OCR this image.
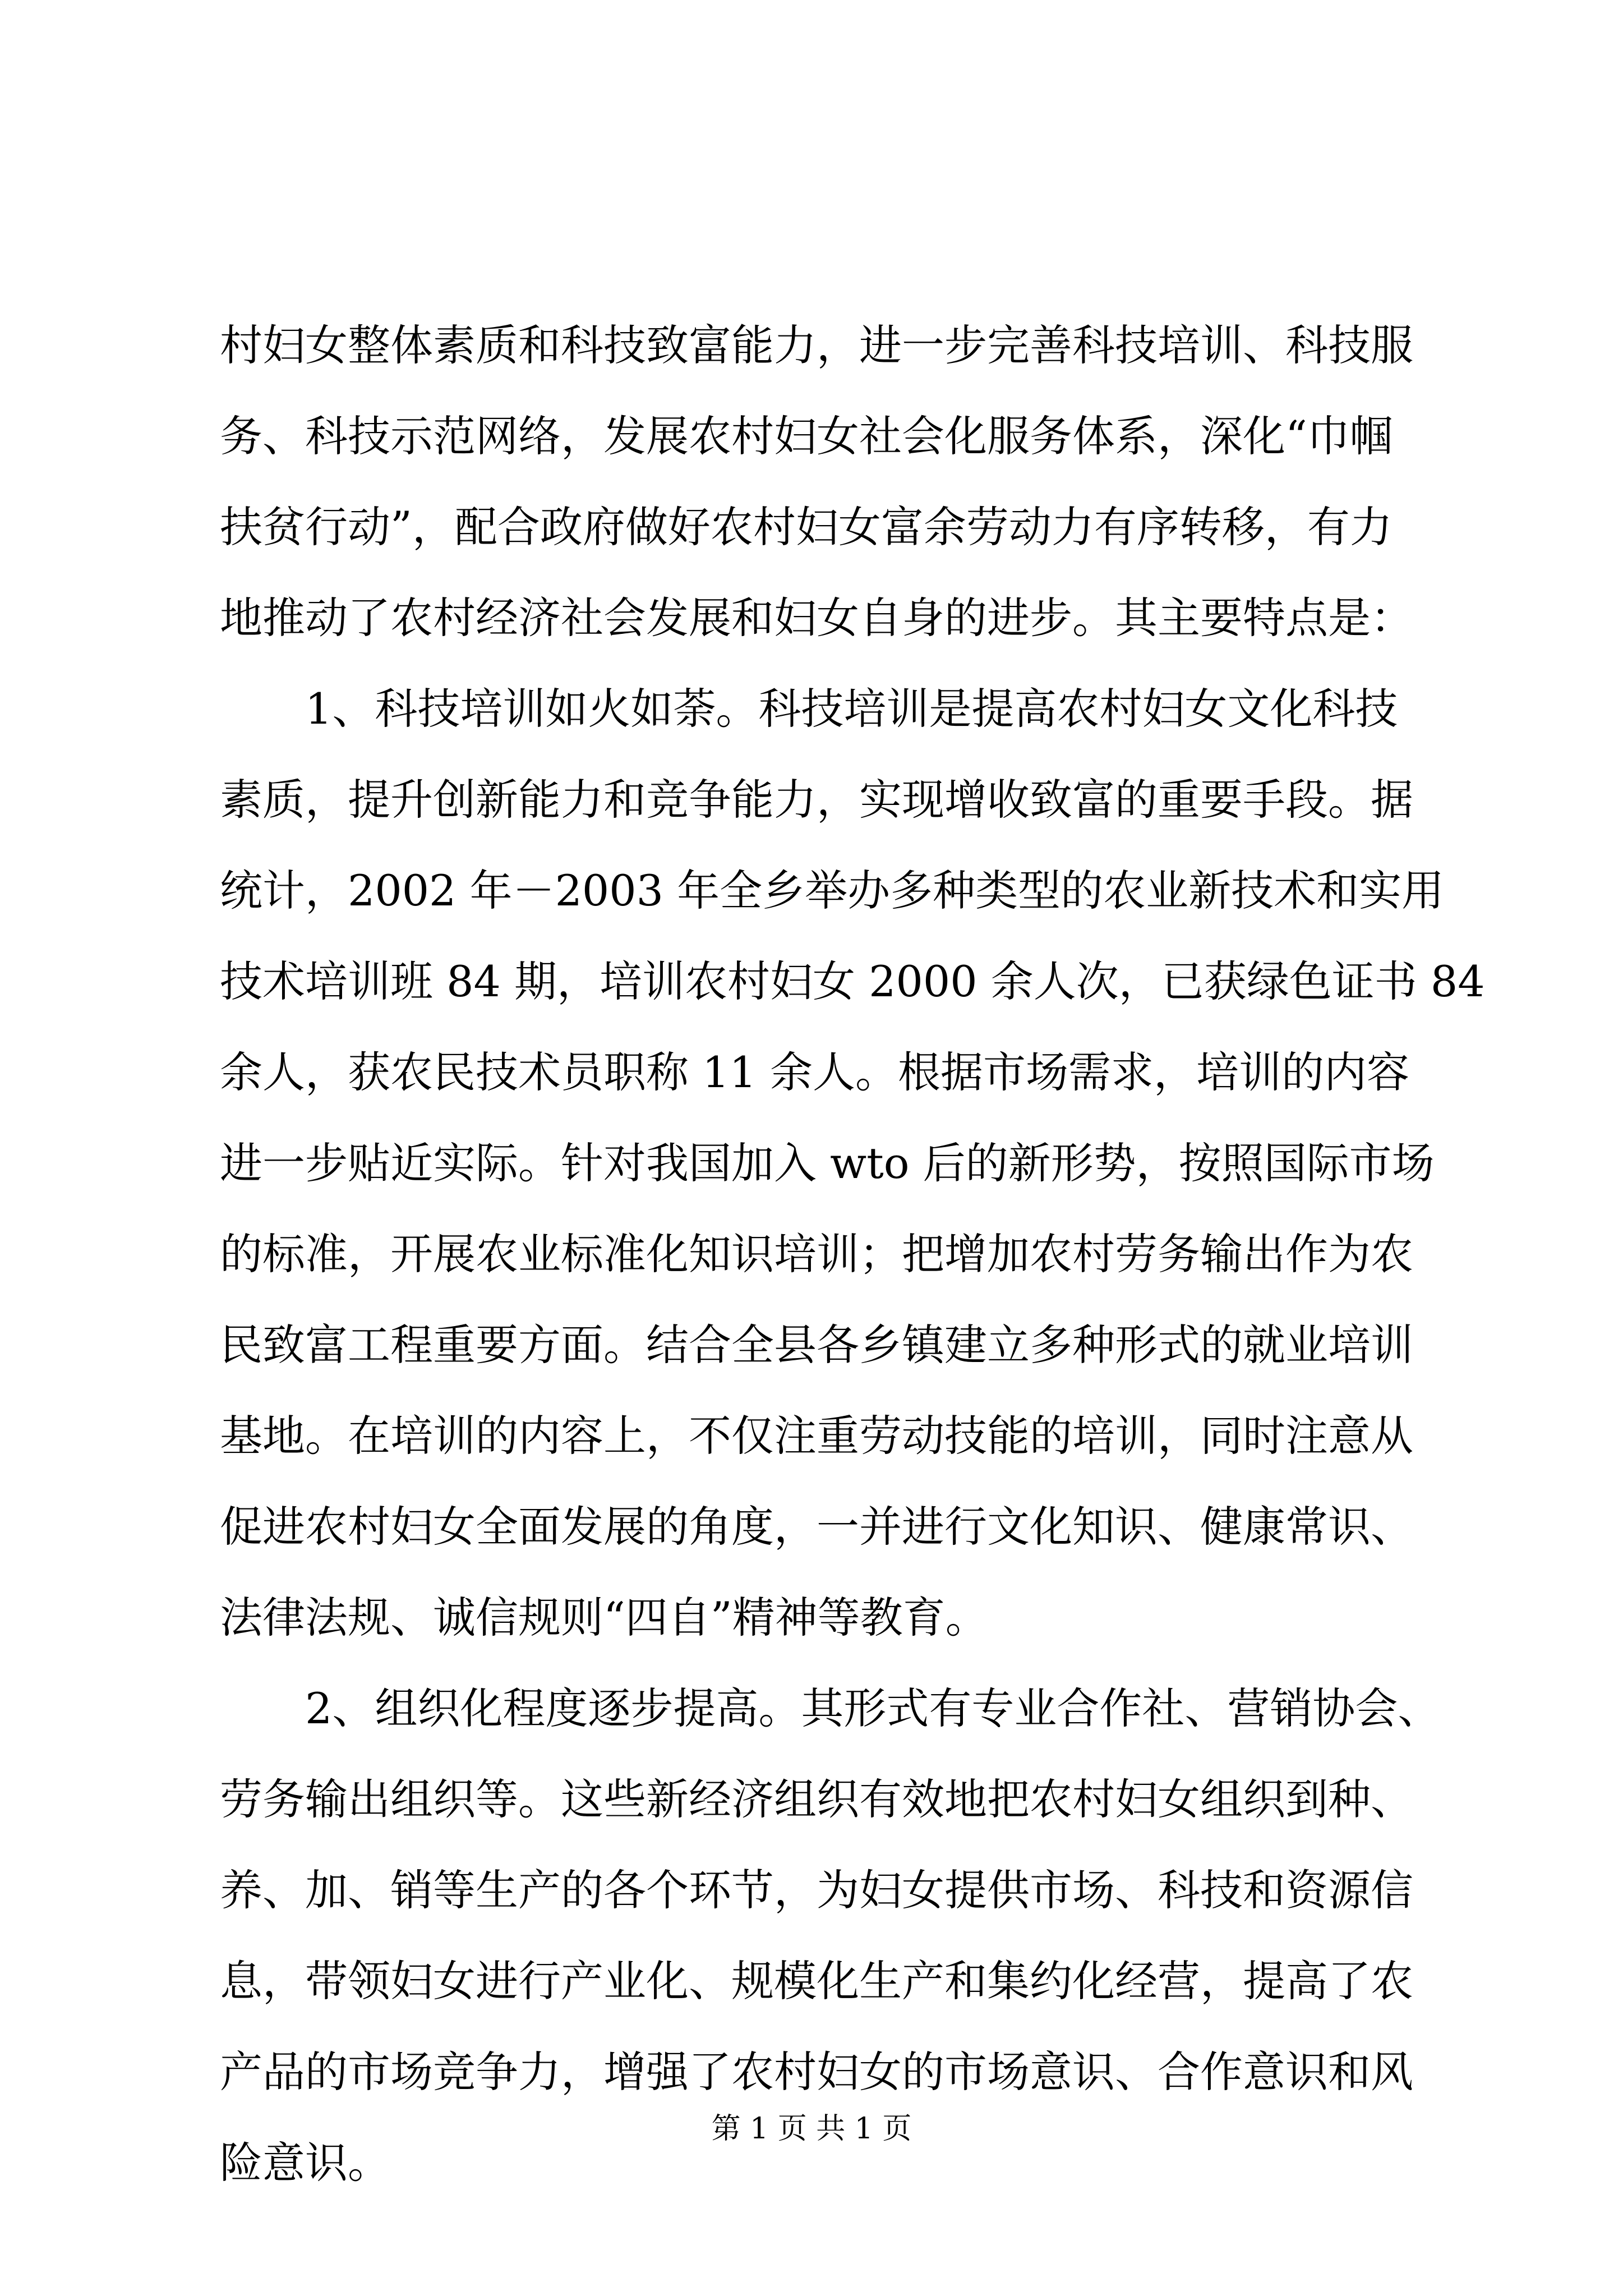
村妇女整体素质和科技致富能力，进一步完善科技培训、科技服
务、科技示范网络，发展农村妇女社会化服务体系，深化“巾帼
扶贫行动”，配合政府做好农村妇女富余劳动力有序转移，有力
地推动了农村经济社会发展和妇女自身的进步。其主要特点是：
1、科技培训如火如荼。科技培训是提高农村妇女文化科技
素质，提升创新能力和竞争能力，实现增收致富的重要手段。据
统计，2002 年－2003 年全乡举办多种类型的农业新技术和实用
技术培训班 84 期，培训农村妇女 2000 余人次，已获绿色证书 84
余人，获农民技术员职称 11 余人。根据市场需求，培训的内容
进一步贴近实际。针对我国加入 wto 后的新形势，按照国际市场
的标准，开展农业标准化知识培训；把增加农村劳务输出作为农
民致富工程重要方面。结合全县各乡镇建立多种形式的就业培训
基地。在培训的内容上，不仅注重劳动技能的培训，同时注意从
促进农村妇女全面发展的角度，一并进行文化知识、健康常识、
法律法规、诚信规则“四自”精神等教育。
2、组织化程度逐步提高。其形式有专业合作社、营销协会、
劳务输出组织等。这些新经济组织有效地把农村妇女组织到种、
养、加、销等生产的各个环节，为妇女提供市场、科技和资源信
息，带领妇女进行产业化、规模化生产和集约化经营，提高了农
产品的市场竞争力，增强了农村妇女的市场意识、合作意识和风
险意识。
第 1 页 共 1 页
